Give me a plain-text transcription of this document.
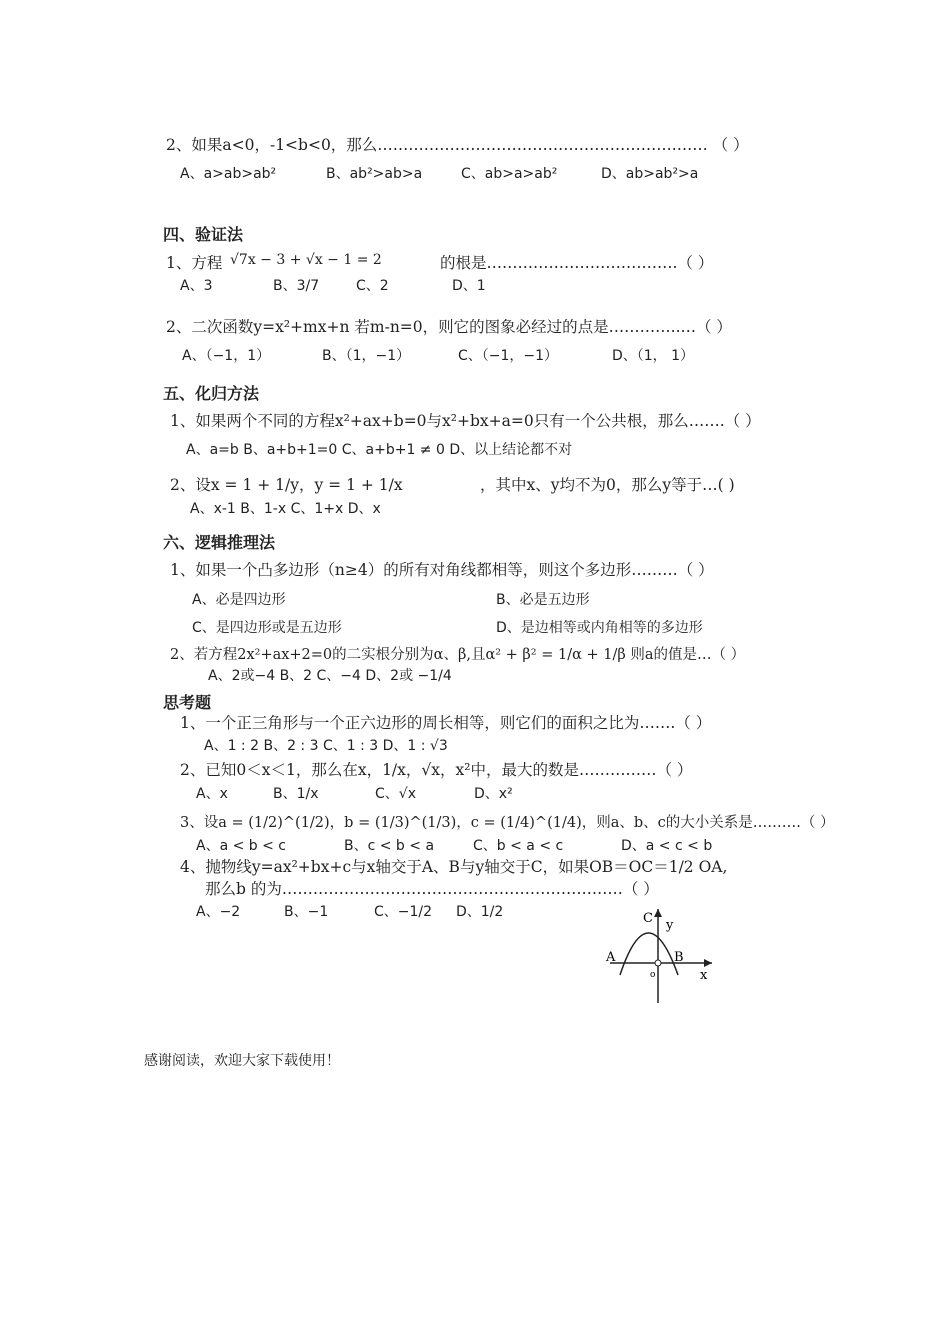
2、如果a<0，-1<b<0，那么………………………………………………….…… （ ）
A、a>ab>ab²	B、ab²>ab>a	C、ab>a>ab²	D、ab>ab²>a
四、验证法
1、方程 √7x − 3 + √x − 1 = 2	的根是……………………………….（ ）
A、3	B、3/7	C、2	D、1
2、二次函数y=x²+mx+n 若m-n=0，则它的图象必经过的点是…………..…（ ）
A、（−1，1）	B、（1，−1）	C、（−1，−1）	D、（1， 1）
五、化归方法
1、如果两个不同的方程x²+ax+b=0与x²+bx+a=0只有一个公共根，那么…….（ ）
A、a=b B、a+b+1=0 C、a+b+1 ≠ 0 D、以上结论都不对
2、设x = 1 + 1/y，y = 1 + 1/x	，其中x、y均不为0，那么y等于…( )
A、x-1 B、1-x C、1+x D、x
六、逻辑推理法
1、如果一个凸多边形（n≥4）的所有对角线都相等，则这个多边形………（ ）
A、必是四边形	B、必是五边形
C、是四边形或是五边形	D、是边相等或内角相等的多边形
2、若方程2x²+ax+2=0的二实根分别为α、β,且α² + β² = 1/α + 1/β 则a的值是…（ ）
A、2或−4 B、2 C、−4 D、2或 −1/4
思考题
1、一个正三角形与一个正六边形的周长相等，则它们的面积之比为…….（ ）
A、1 : 2 B、2 : 3 C、1 : 3 D、1 : √3
2、已知0＜x＜1，那么在x，1/x，√x，x²中，最大的数是……………（ ）
A、x	B、1/x	C、√x	D、x²
3、设a = (1/2)^(1/2)，b = (1/3)^(1/3)，c = (1/4)^(1/4)，则a、b、c的大小关系是……….（ ）
A、a < b < c	B、c < b < a	C、b < a < c	D、a < c < b
4、抛物线y=ax²+bx+c与x轴交于A、B与y轴交于C，如果OB＝OC＝1/2 OA,
那么b 的为…………………………………………………………（ ）
A、−2	B、−1	C、−1/2 D、1/2	C y
A	B
x
o
感谢阅读，欢迎大家下载使用！
